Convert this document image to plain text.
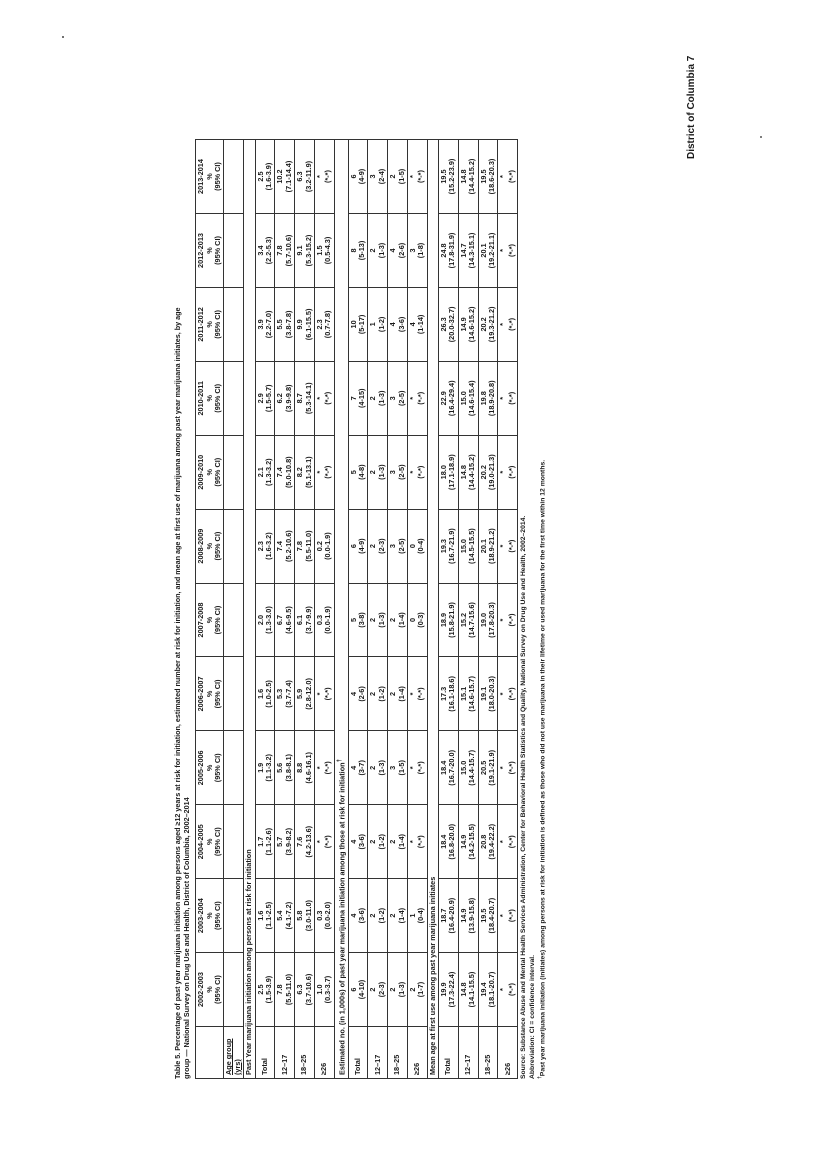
Table 5. Percentage of past year marijuana initiation among persons aged ≥12 years at risk for initiation, estimated number at risk for initiation, and mean age at first use of marijuana among past year marijuana initiates, by age group — National Survey on Drug Use and Health, District of Columbia, 2002–2014

	2002-2003 % (95% CI)	2003-2004 % (95% CI)	2004-2005 % (95% CI)	2005-2006 % (95% CI)	2006-2007 % (95% CI)	2007-2008 % (95% CI)	2008-2009 % (95% CI)	2009-2010 % (95% CI)	2010-2011 % (95% CI)	2011-2012 % (95% CI)	2012-2013 % (95% CI)	2013-2014 % (95% CI)

Age group (yrs)												
Past Year marijuana initiation among persons at risk for initiation												
Total	2.5 (1.5-3.9)	1.6 (1.1-2.5)	1.7 (1.1-2.6)	1.9 (1.1-3.2)	1.6 (1.0-2.5)	2.0 (1.3-3.0)	2.3 (1.6-3.2)	2.1 (1.3-3.2)	2.9 (1.5-5.7)	3.9 (2.2-7.0)	3.4 (2.2-5.3)	2.5 (1.6-3.9)

12–17	7.8 (5.5-11.0)	5.4 (4.1-7.2)	5.7 (3.9-8.2)	5.6 (3.8-8.1)	5.3 (3.7-7.4)	6.7 (4.6-9.5)	7.4 (5.2-10.6)	7.4 (5.0-10.8)	6.2 (3.9-9.8)	5.5 (3.8-7.8)	7.8 (5.7-10.6)	10.2 (7.1-14.4)

18–25	6.3 (3.7-10.6)	5.8 (3.0-11.0)	7.6 (4.2-13.6)	8.8 (4.6-16.1)	5.9 (2.8-12.0)	6.1 (3.7-9.9)	7.8 (5.5-11.0)	8.2 (5.1-13.1)	8.7 (5.3-14.1)	9.9 (6.1-15.5)	9.1 (5.3-15.2)	6.3 (3.2-11.9)

≥26	1.0 (0.3-3.7)	0.3 (0.0-2.0)	* (*-*)	* (*-*)	* (*-*)	0.3 (0.0-1.9)	0.2 (0.0-1.9)	* (*-*)	* (*-*)	2.3 (0.7-7.8)	1.5 (0.5-4.3)	* (*-*)

Estimated no. (in 1,000s) of past year marijuana initiation among those at risk for initiation†
Total	6 (4-10)	4 (3-6)	4 (3-6)	4 (3-7)	4 (2-6)	5 (3-8)	6 (4-9)	5 (4-8)	7 (4-15)	10 (5-17)	8 (5-13)	6 (4-9)

12–17	2 (2-3)	2 (1-2)	2 (1-2)	2 (1-3)	2 (1-2)	2 (1-3)	2 (2-3)	2 (1-3)	2 (1-3)	1 (1-2)	2 (1-3)	3 (2-4)

18–25	2 (1-3)	2 (1-4)	2 (1-4)	3 (1-5)	2 (1-4)	2 (1-4)	3 (2-5)	3 (2-5)	3 (2-5)	4 (3-6)	4 (2-6)	2 (1-5)

≥26	2 (1-7)	1 (0-4)	* (*-*)	* (*-*)	* (*-*)	0 (0-3)	0 (0-4)	* (*-*)	* (*-*)	4 (1-14)	3 (1-8)	* (*-*)

Mean age at first use among past year marijuana initiates												
Total	19.9 (17.3-22.4)	18.7 (16.4-20.9)	18.4 (16.8-20.0)	18.4 (16.7-20.0)	17.3 (16.1-18.6)	18.9 (15.8-21.9)	19.3 (16.7-21.9)	18.0 (17.1-18.9)	22.9 (16.4-29.4)	26.3 (20.0-32.7)	24.8 (17.8-31.9)	19.5 (15.2-23.9)

12–17	14.8 (14.1-15.5)	14.9 (13.9-15.8)	14.9 (14.2-15.5)	15.0 (14.4-15.7)	15.1 (14.6-15.7)	15.2 (14.7-15.6)	15.0 (14.5-15.5)	14.8 (14.4-15.2)	15.0 (14.6-15.4)	14.9 (14.6-15.2)	14.7 (14.3-15.1)	14.8 (14.4-15.2)

18–25	19.4 (18.1-20.7)	19.5 (18.4-20.7)	20.8 (19.4-22.2)	20.5 (19.1-21.9)	19.1 (18.0-20.3)	19.0 (17.8-20.3)	20.1 (18.9-21.2)	20.2 (19.0-21.3)	19.8 (18.9-20.8)	20.2 (19.3-21.2)	20.1 (19.2-21.1)	19.5 (18.6-20.3)

≥26	* (*-*)	* (*-*)	* (*-*)	* (*-*)	* (*-*)	* (*-*)	* (*-*)	* (*-*)	* (*-*)	* (*-*)	* (*-*)	* (*-*)
Source: Substance Abuse and Mental Health Services Administration, Center for Behavioral Health Statistics and Quality, National Survey on Drug Use and Health, 2002–2014. Abbreviation: CI = confidence interval. †Past year marijuana initiation (initiates) among persons at risk for initiation is defined as those who did not use marijuana in their lifetime or used marijuana for the first time within 12 months.
District of Columbia 7
